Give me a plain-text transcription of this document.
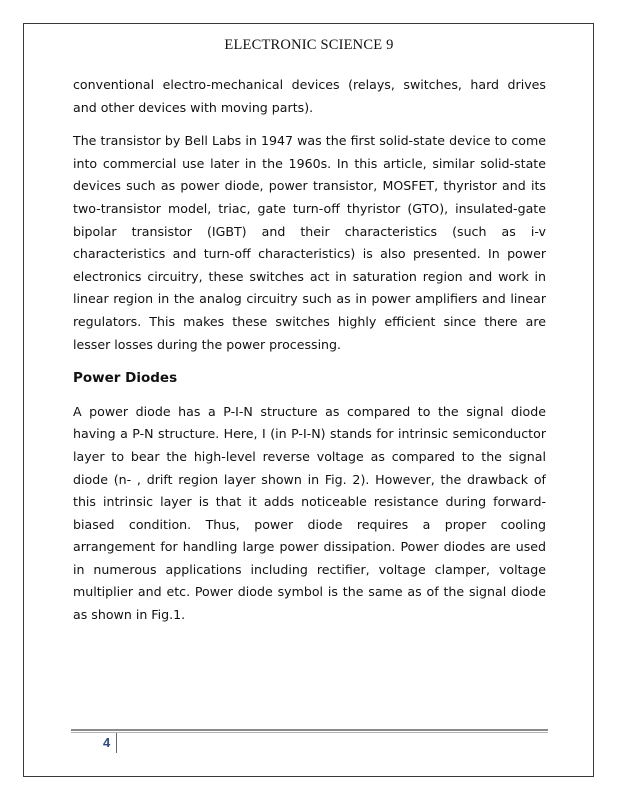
ELECTRONIC SCIENCE 9

conventional electro-mechanical devices (relays, switches, hard drives and other devices with moving parts).

The transistor by Bell Labs in 1947 was the first solid-state device to come into commercial use later in the 1960s. In this article, similar solid-state devices such as power diode, power transistor, MOSFET, thyristor and its two-transistor model, triac, gate turn-off thyristor (GTO), insulated-gate bipolar transistor (IGBT) and their characteristics (such as i-v characteristics and turn-off characteristics) is also presented. In power electronics circuitry, these switches act in saturation region and work in linear region in the analog circuitry such as in power amplifiers and linear regulators. This makes these switches highly efficient since there are lesser losses during the power processing.

Power Diodes

A power diode has a P-I-N structure as compared to the signal diode having a P-N structure. Here, I (in P-I-N) stands for intrinsic semiconductor layer to bear the high-level reverse voltage as compared to the signal diode (n- , drift region layer shown in Fig. 2). However, the drawback of this intrinsic layer is that it adds noticeable resistance during forward-biased condition. Thus, power diode requires a proper cooling arrangement for handling large power dissipation. Power diodes are used in numerous applications including rectifier, voltage clamper, voltage multiplier and etc. Power diode symbol is the same as of the signal diode as shown in Fig.1.

4
